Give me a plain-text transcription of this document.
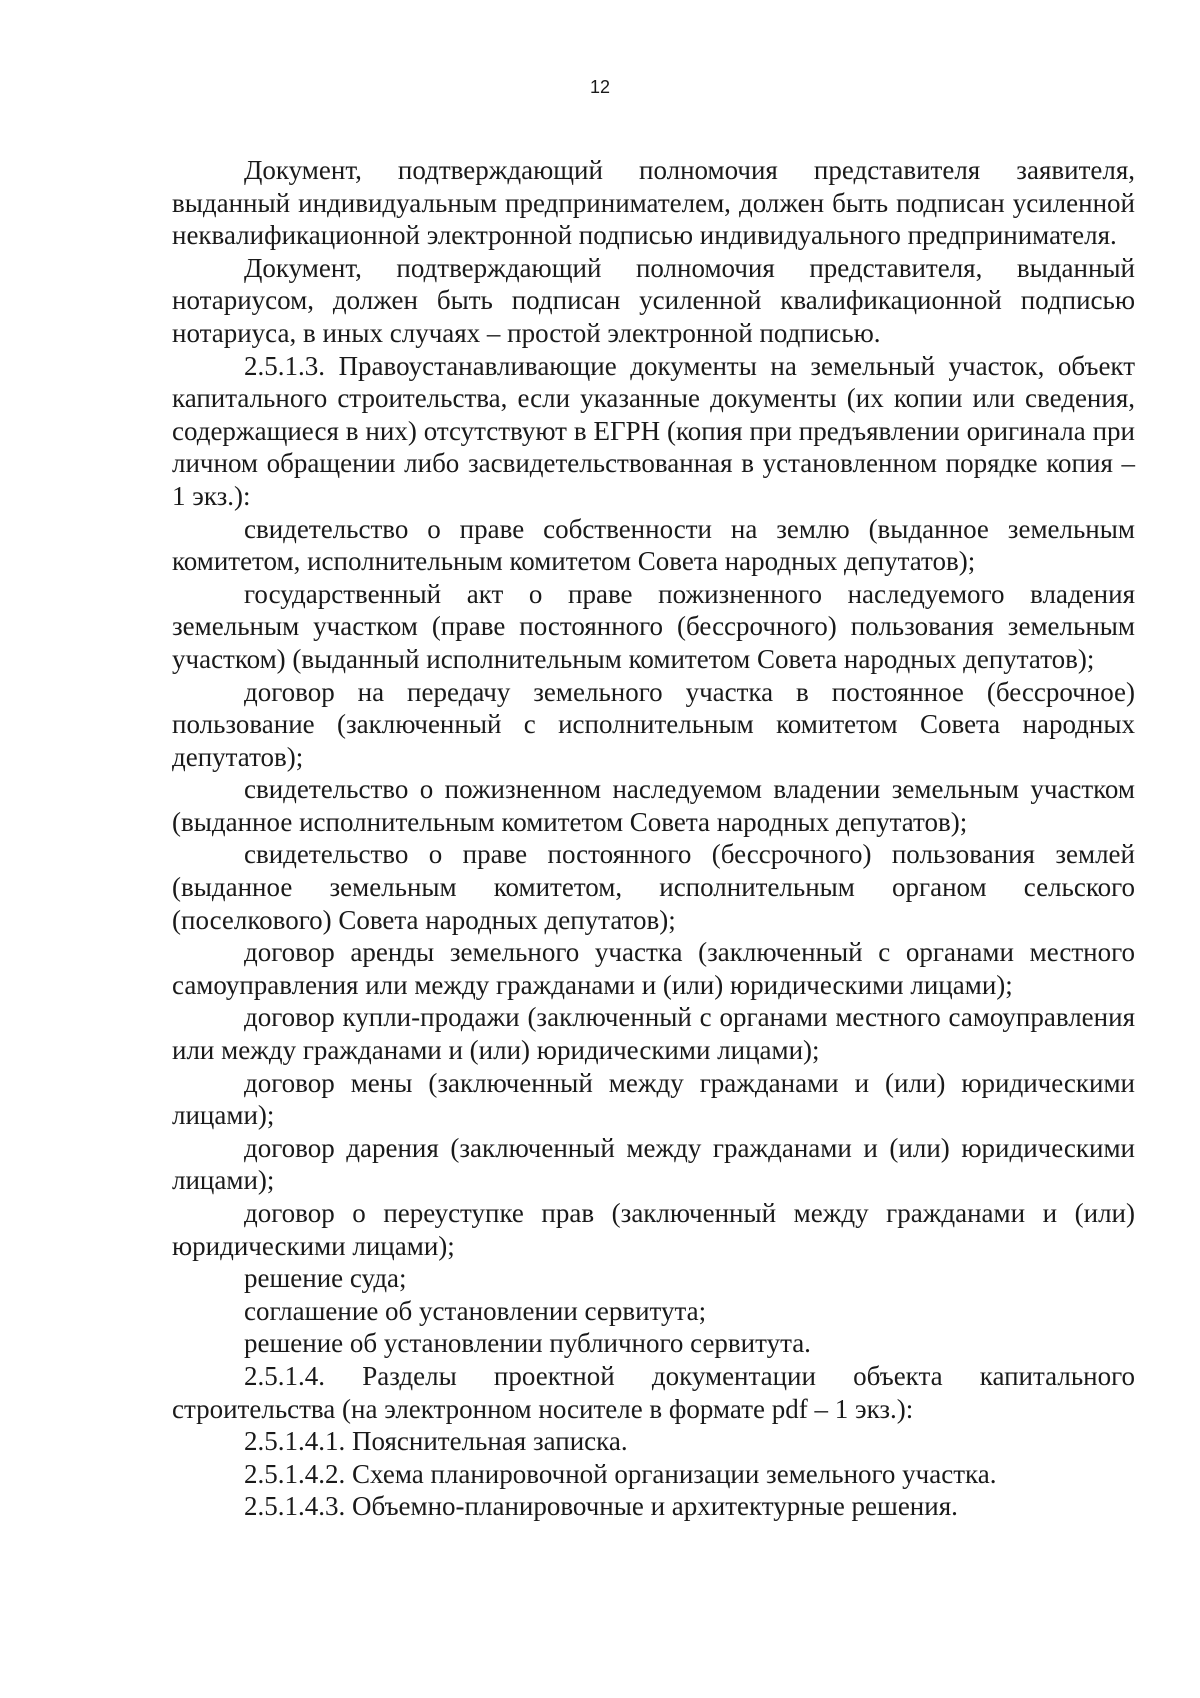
12

Документ, подтверждающий полномочия представителя заявителя, выданный индивидуальным предпринимателем, должен быть подписан усиленной неквалификационной электронной подписью индивидуального предпринимателя.

Документ, подтверждающий полномочия представителя, выданный нотариусом, должен быть подписан усиленной квалификационной подписью нотариуса, в иных случаях – простой электронной подписью.

2.5.1.3. Правоустанавливающие документы на земельный участок, объект капитального строительства, если указанные документы (их копии или сведения, содержащиеся в них) отсутствуют в ЕГРН (копия при предъявлении оригинала при личном обращении либо засвидетельствованная в установленном порядке копия – 1 экз.):

свидетельство о праве собственности на землю (выданное земельным комитетом, исполнительным комитетом Совета народных депутатов);

государственный акт о праве пожизненного наследуемого владения земельным участком (праве постоянного (бессрочного) пользования земельным участком) (выданный исполнительным комитетом Совета народных депутатов);

договор на передачу земельного участка в постоянное (бессрочное) пользование (заключенный с исполнительным комитетом Совета народных депутатов);

свидетельство о пожизненном наследуемом владении земельным участком (выданное исполнительным комитетом Совета народных депутатов);

свидетельство о праве постоянного (бессрочного) пользования землей (выданное земельным комитетом, исполнительным органом сельского (поселкового) Совета народных депутатов);

договор аренды земельного участка (заключенный с органами местного самоуправления или между гражданами и (или) юридическими лицами);

договор купли-продажи (заключенный с органами местного самоуправления или между гражданами и (или) юридическими лицами);

договор мены (заключенный между гражданами и (или) юридическими лицами);

договор дарения (заключенный между гражданами и (или) юридическими лицами);

договор о переуступке прав (заключенный между гражданами и (или) юридическими лицами);

решение суда;

соглашение об установлении сервитута;

решение об установлении публичного сервитута.

2.5.1.4. Разделы проектной документации объекта капитального строительства (на электронном носителе в формате pdf – 1 экз.):

2.5.1.4.1. Пояснительная записка.

2.5.1.4.2. Схема планировочной организации земельного участка.

2.5.1.4.3. Объемно-планировочные и архитектурные решения.
